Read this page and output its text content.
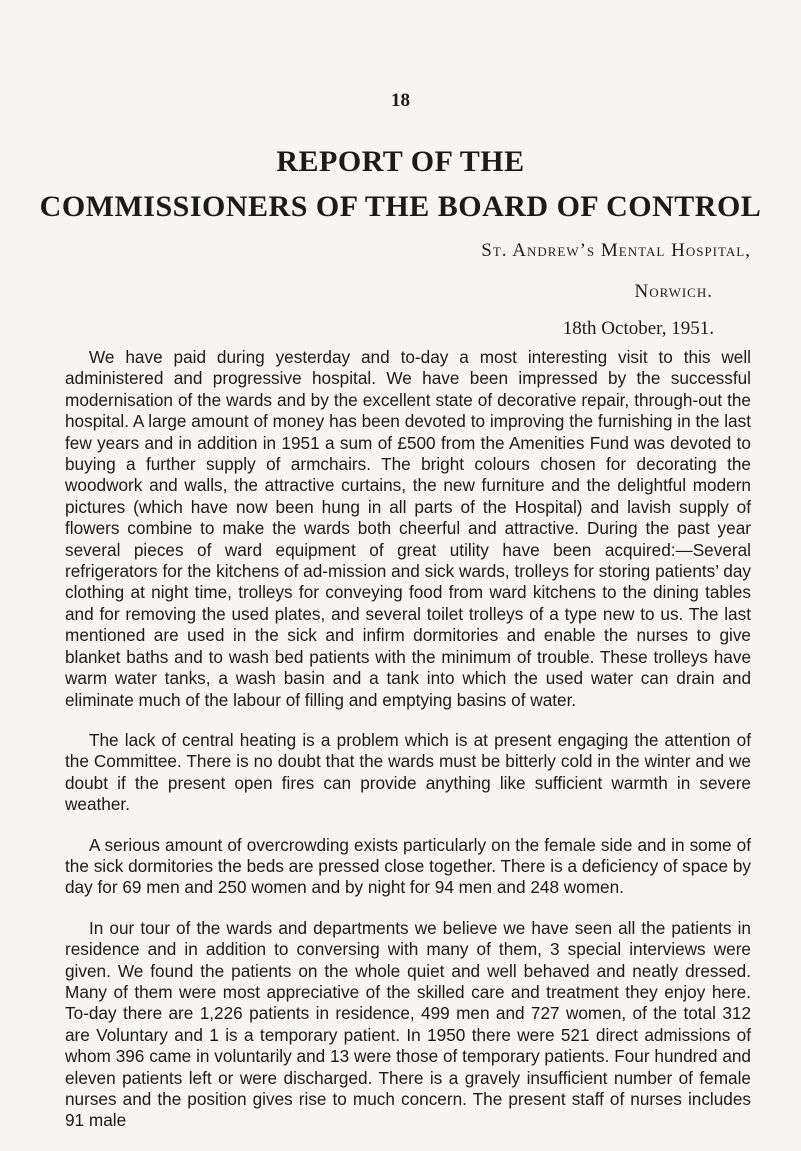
18
REPORT OF THE
COMMISSIONERS OF THE BOARD OF CONTROL
St. Andrew’s Mental Hospital,
Norwich.
18th October, 1951.

We have paid during yesterday and to-day a most interesting visit to this well administered and progressive hospital. We have been impressed by the successful modernisation of the wards and by the excellent state of decorative repair, through-out the hospital. A large amount of money has been devoted to improving the furnishing in the last few years and in addition in 1951 a sum of £500 from the Amenities Fund was devoted to buying a further supply of armchairs. The bright colours chosen for decorating the woodwork and walls, the attractive curtains, the new furniture and the delightful modern pictures (which have now been hung in all parts of the Hospital) and lavish supply of flowers combine to make the wards both cheerful and attractive. During the past year several pieces of ward equipment of great utility have been acquired:—Several refrigerators for the kitchens of ad-mission and sick wards, trolleys for storing patients’ day clothing at night time, trolleys for conveying food from ward kitchens to the dining tables and for removing the used plates, and several toilet trolleys of a type new to us. The last mentioned are used in the sick and infirm dormitories and enable the nurses to give blanket baths and to wash bed patients with the minimum of trouble. These trolleys have warm water tanks, a wash basin and a tank into which the used water can drain and eliminate much of the labour of filling and emptying basins of water.

The lack of central heating is a problem which is at present engaging the attention of the Committee. There is no doubt that the wards must be bitterly cold in the winter and we doubt if the present open fires can provide anything like sufficient warmth in severe weather.

A serious amount of overcrowding exists particularly on the female side and in some of the sick dormitories the beds are pressed close together. There is a deficiency of space by day for 69 men and 250 women and by night for 94 men and 248 women.

In our tour of the wards and departments we believe we have seen all the patients in residence and in addition to conversing with many of them, 3 special interviews were given. We found the patients on the whole quiet and well behaved and neatly dressed. Many of them were most appreciative of the skilled care and treatment they enjoy here. To-day there are 1,226 patients in residence, 499 men and 727 women, of the total 312 are Voluntary and 1 is a temporary patient. In 1950 there were 521 direct admissions of whom 396 came in voluntarily and 13 were those of temporary patients. Four hundred and eleven patients left or were discharged. There is a gravely insufficient number of female nurses and the position gives rise to much concern. The present staff of nurses includes 91 male
